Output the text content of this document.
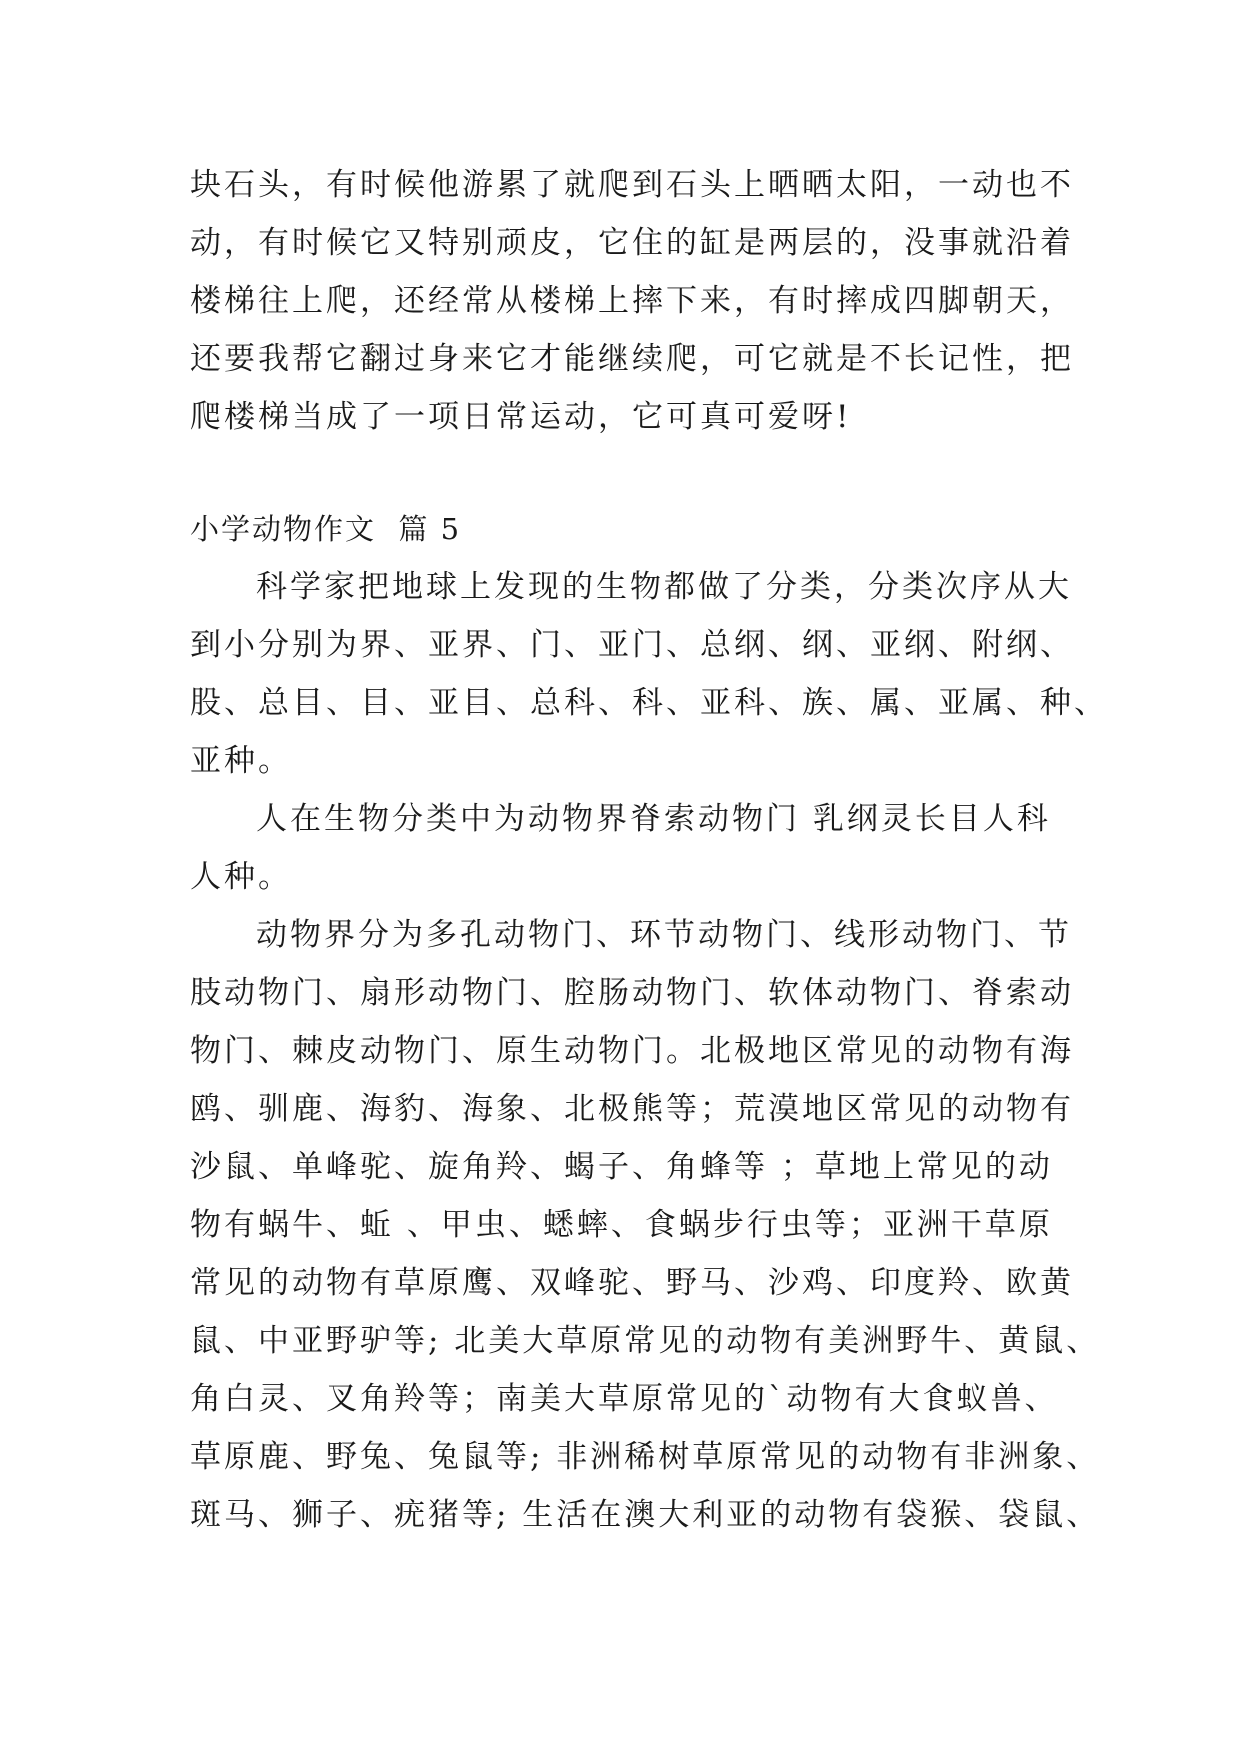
块石头，有时候他游累了就爬到石头上晒晒太阳，一动也不
动，有时候它又特别顽皮，它住的缸是两层的，没事就沿着
楼梯往上爬，还经常从楼梯上摔下来，有时摔成四脚朝天，
还要我帮它翻过身来它才能继续爬，可它就是不长记性，把
爬楼梯当成了一项日常运动，它可真可爱呀!
小学动物作文  篇 5
科学家把地球上发现的生物都做了分类，分类次序从大
到小分别为界、亚界、门、亚门、总纲、纲、亚纲、附纲、
股、总目、目、亚目、总科、科、亚科、族、属、亚属、种、
亚种。
人在生物分类中为动物界脊索动物门 乳纲灵长目人科
人种。
动物界分为多孔动物门、环节动物门、线形动物门、节
肢动物门、扇形动物门、腔肠动物门、软体动物门、脊索动
物门、棘皮动物门、原生动物门。北极地区常见的动物有海
鸥、驯鹿、海豹、海象、北极熊等；荒漠地区常见的动物有
沙鼠、单峰驼、旋角羚、蝎子、角蜂等 ；草地上常见的动
物有蜗牛、蚯 、甲虫、蟋蟀、食蜗步行虫等；亚洲干草原
常见的动物有草原鹰、双峰驼、野马、沙鸡、印度羚、欧黄
鼠、中亚野驴等; 北美大草原常见的动物有美洲野牛、黄鼠、
角白灵、叉角羚等；南美大草原常见的`动物有大食蚁兽、
草原鹿、野兔、兔鼠等; 非洲稀树草原常见的动物有非洲象、
斑马、狮子、疣猪等; 生活在澳大利亚的动物有袋猴、袋鼠、
